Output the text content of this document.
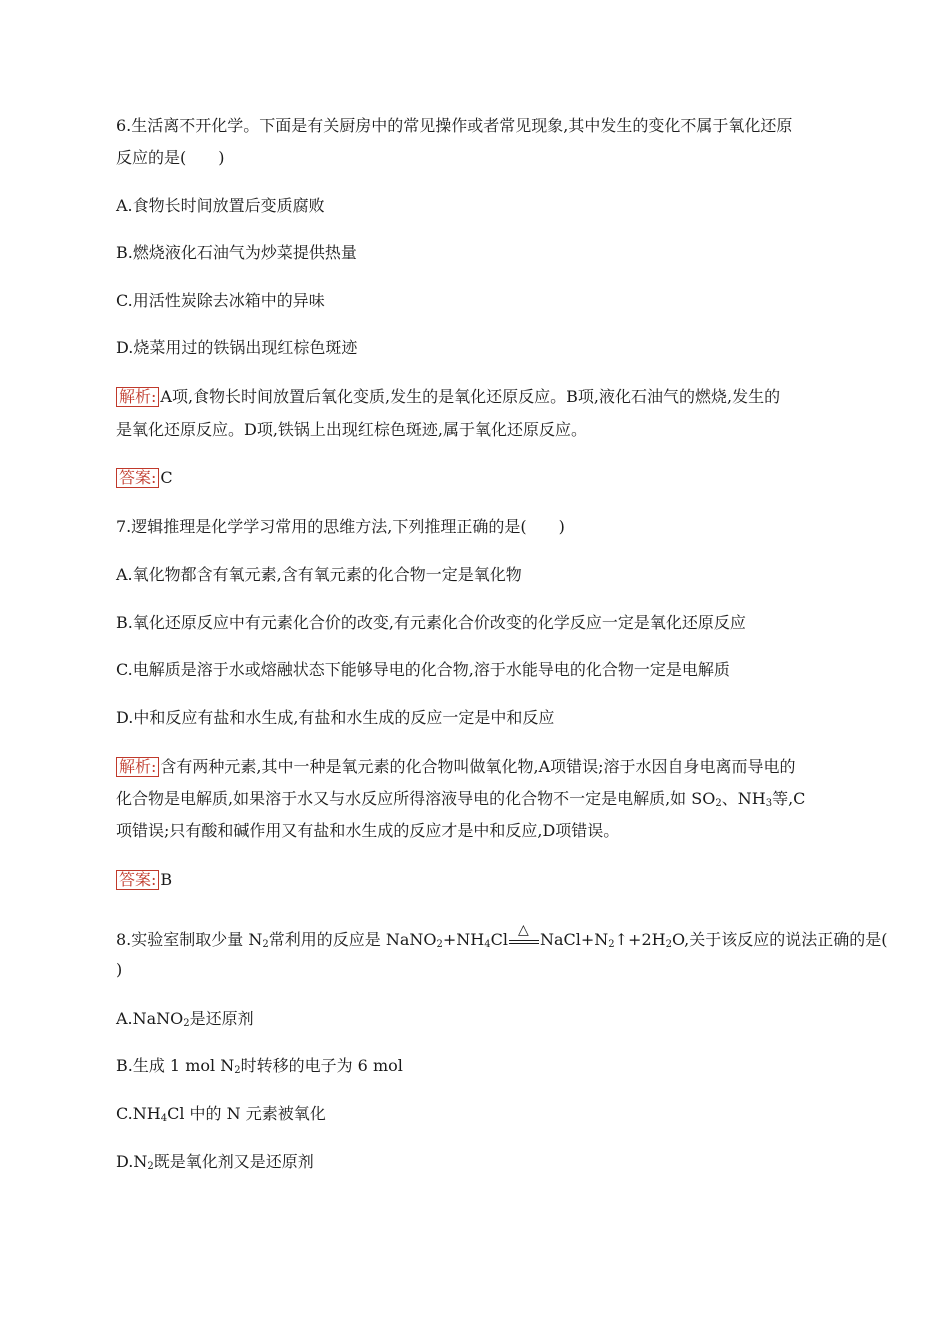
6.生活离不开化学。下面是有关厨房中的常见操作或者常见现象,其中发生的变化不属于氧化还原
反应的是(　　)
A.食物长时间放置后变质腐败
B.燃烧液化石油气为炒菜提供热量
C.用活性炭除去冰箱中的异味
D.烧菜用过的铁锅出现红棕色斑迹
解析: A项,食物长时间放置后氧化变质,发生的是氧化还原反应。B项,液化石油气的燃烧,发生的
是氧化还原反应。D项,铁锅上出现红棕色斑迹,属于氧化还原反应。
答案: C
7.逻辑推理是化学学习常用的思维方法,下列推理正确的是(　　)
A.氧化物都含有氧元素,含有氧元素的化合物一定是氧化物
B.氧化还原反应中有元素化合价的改变,有元素化合价改变的化学反应一定是氧化还原反应
C.电解质是溶于水或熔融状态下能够导电的化合物,溶于水能导电的化合物一定是电解质
D.中和反应有盐和水生成,有盐和水生成的反应一定是中和反应
解析: 含有两种元素,其中一种是氧元素的化合物叫做氧化物,A项错误;溶于水因自身电离而导电的
化合物是电解质,如果溶于水又与水反应所得溶液导电的化合物不一定是电解质,如 $SO_2$、$NH_3$等,C
项错误;只有酸和碱作用又有盐和水生成的反应才是中和反应,D项错误。
答案: B
8.实验室制取少量 $N_2$常利用的反应是 $NaNO_2+NH_4Cl$
△
$NaCl+N_2↑+2H_2O$,关于该反应的说法正确的是(
)
A.NaNO$_2$是还原剂
B.生成 1 mol $N_2$时转移的电子为 6 mol
$C.NH_4Cl$ 中的 N 元素被氧化
$D.N_2$既是氧化剂又是还原剂
